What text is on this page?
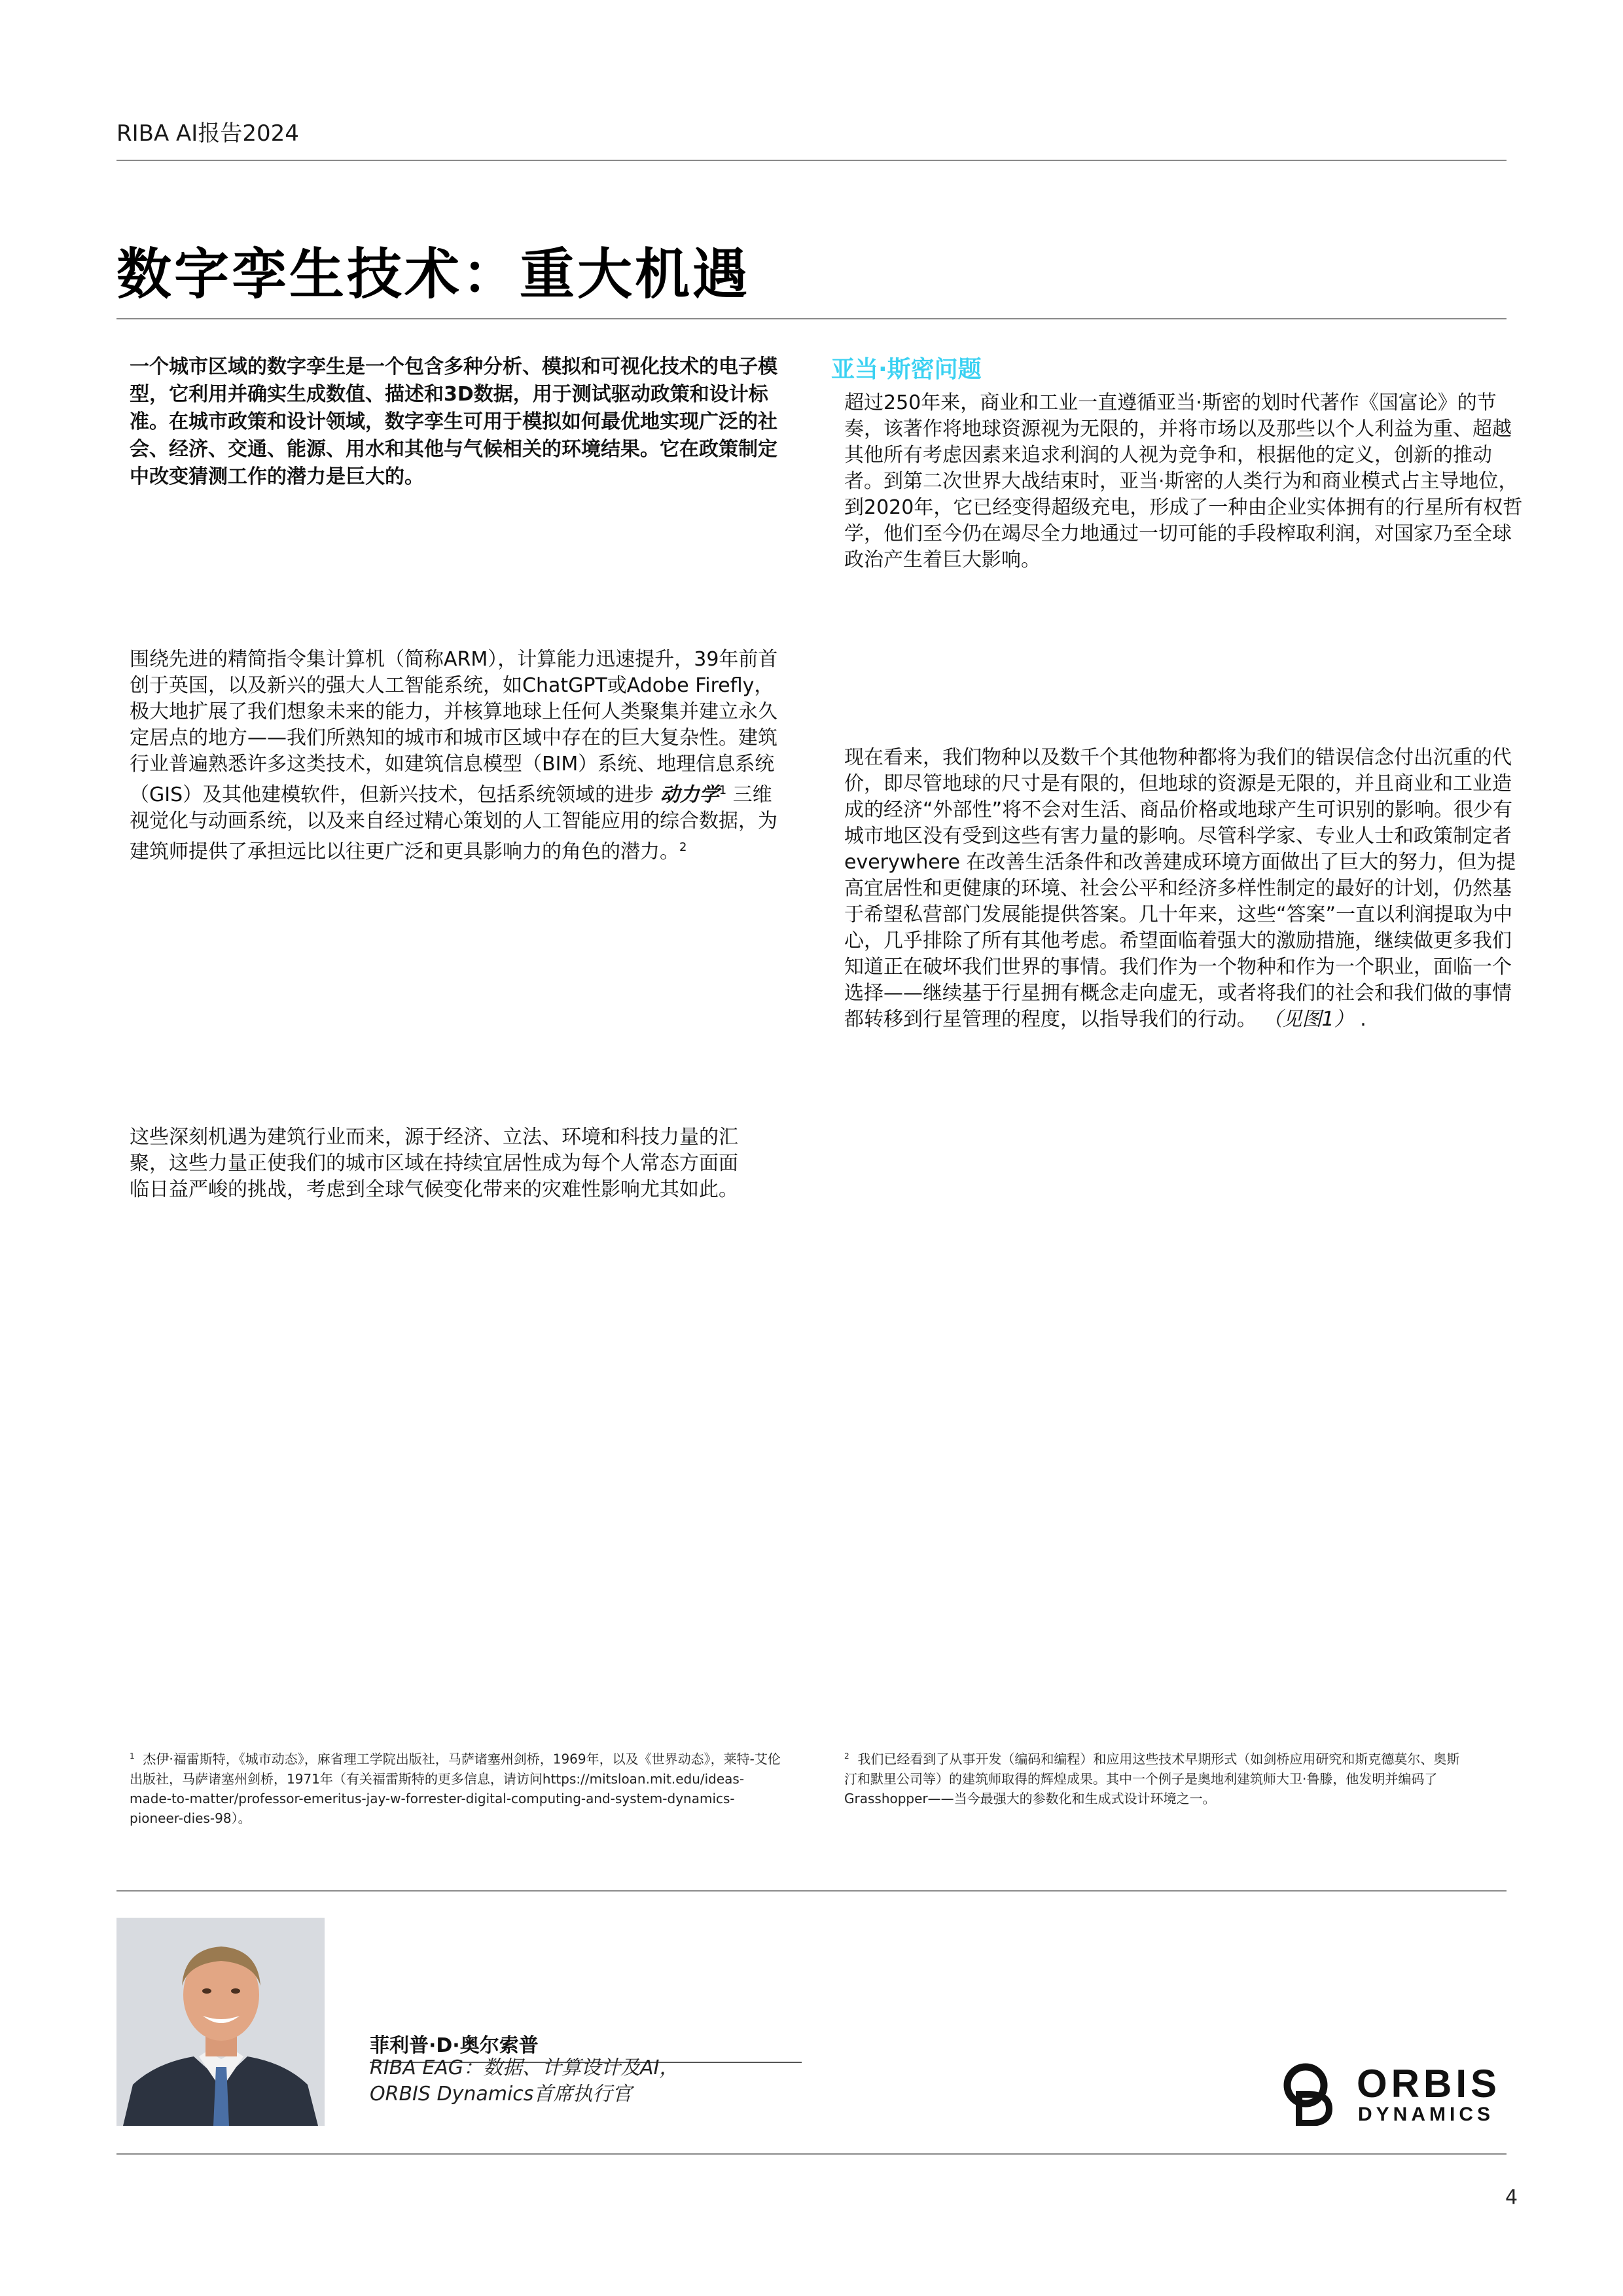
RIBA AI报告2024
数字孪生技术：重大机遇
一个城市区域的数字孪生是一个包含多种分析、模拟和可视化技术的电子模型，它利用并确实生成数值、描述和3D数据，用于测试驱动政策和设计标准。在城市政策和设计领域，数字孪生可用于模拟如何最优地实现广泛的社会、经济、交通、能源、用水和其他与气候相关的环境结果。它在政策制定中改变猜测工作的潜力是巨大的。
围绕先进的精简指令集计算机（简称ARM），计算能力迅速提升，39年前首创于英国，以及新兴的强大人工智能系统，如ChatGPT或Adobe Firefly，极大地扩展了我们想象未来的能力，并核算地球上任何人类聚集并建立永久定居点的地方——我们所熟知的城市和城市区域中存在的巨大复杂性。建筑行业普遍熟悉许多这类技术，如建筑信息模型（BIM）系统、地理信息系统（GIS）及其他建模软件，但新兴技术，包括系统领域的进步 动力学$^1$ 三维视觉化与动画系统，以及来自经过精心策划的人工智能应用的综合数据，为建筑师提供了承担远比以往更广泛和更具影响力的角色的潜力。$^2$
这些深刻机遇为建筑行业而来，源于经济、立法、环境和科技力量的汇聚，这些力量正使我们的城市区域在持续宜居性成为每个人常态方面面临日益严峻的挑战，考虑到全球气候变化带来的灾难性影响尤其如此。
亚当·斯密问题
超过250年来，商业和工业一直遵循亚当·斯密的划时代著作《国富论》的节奏，该著作将地球资源视为无限的，并将市场以及那些以个人利益为重、超越其他所有考虑因素来追求利润的人视为竞争和，根据他的定义，创新的推动者。到第二次世界大战结束时，亚当·斯密的人类行为和商业模式占主导地位，到2020年，它已经变得超级充电，形成了一种由企业实体拥有的行星所有权哲学，他们至今仍在竭尽全力地通过一切可能的手段榨取利润，对国家乃至全球政治产生着巨大影响。
现在看来，我们物种以及数千个其他物种都将为我们的错误信念付出沉重的代价，即尽管地球的尺寸是有限的，但地球的资源是无限的，并且商业和工业造成的经济“外部性”将不会对生活、商品价格或地球产生可识别的影响。很少有城市地区没有受到这些有害力量的影响。尽管科学家、专业人士和政策制定者 everywhere 在改善生活条件和改善建成环境方面做出了巨大的努力，但为提高宜居性和更健康的环境、社会公平和经济多样性制定的最好的计划，仍然基于希望私营部门发展能提供答案。几十年来，这些“答案”一直以利润提取为中心，几乎排除了所有其他考虑。希望面临着强大的激励措施，继续做更多我们知道正在破坏我们世界的事情。我们作为一个物种和作为一个职业，面临一个选择——继续基于行星拥有概念走向虚无，或者将我们的社会和我们做的事情都转移到行星管理的程度，以指导我们的行动。 （见图1） .
$^1$ 杰伊·福雷斯特，《城市动态》，麻省理工学院出版社，马萨诸塞州剑桥，1969年，以及《世界动态》，莱特-艾伦出版社，马萨诸塞州剑桥，1971年（有关福雷斯特的更多信息，请访问https://mitsloan.mit.edu/ideas-made-to-matter/professor-emeritus-jay-w-forrester-digital-computing-and-system-dynamics-pioneer-dies-98）。
$^2$ 我们已经看到了从事开发（编码和编程）和应用这些技术早期形式（如剑桥应用研究和斯克德莫尔、奥斯汀和默里公司等）的建筑师取得的辉煌成果。其中一个例子是奥地利建筑师大卫·鲁滕，他发明并编码了Grasshopper——当今最强大的参数化和生成式设计环境之一。
菲利普·D·奥尔索普
RIBA EAG：数据、计算设计及AI，
ORBIS Dynamics首席执行官	ORBIS
DYNAMICS
4
